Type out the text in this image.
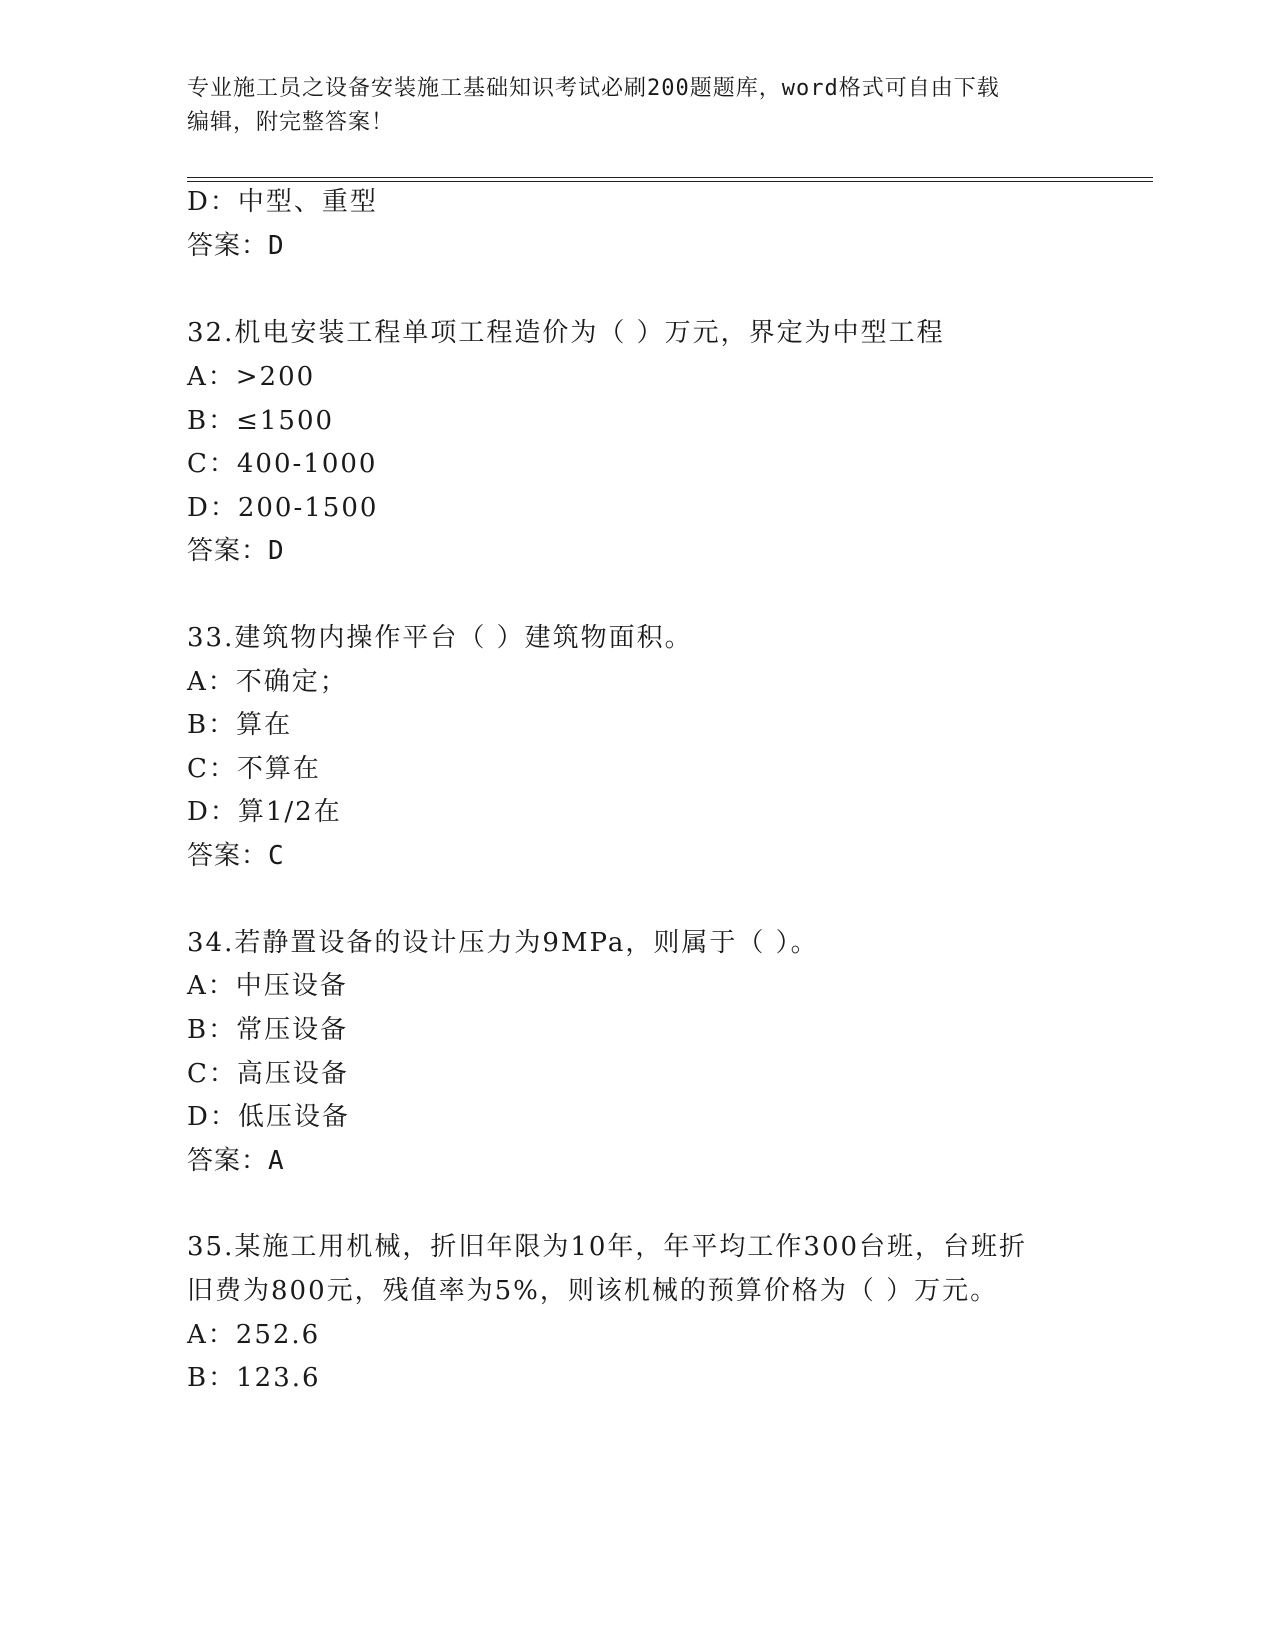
专业施工员之设备安装施工基础知识考试必刷200题题库，word格式可自由下载
编辑，附完整答案！
D：中型、重型
答案：D
32.机电安装工程单项工程造价为（ ）万元，界定为中型工程
A：>200
B：≤1500
C：400-1000
D：200-1500
答案：D
33.建筑物内操作平台（ ）建筑物面积。
A：不确定；
B：算在
C：不算在
D：算1/2在
答案：C
34.若静置设备的设计压力为9MPa，则属于（ ）。
A：中压设备
B：常压设备
C：高压设备
D：低压设备
答案：A
35.某施工用机械，折旧年限为10年，年平均工作300台班，台班折
旧费为800元，残值率为5%，则该机械的预算价格为（ ）万元。
A：252.6
B：123.6
